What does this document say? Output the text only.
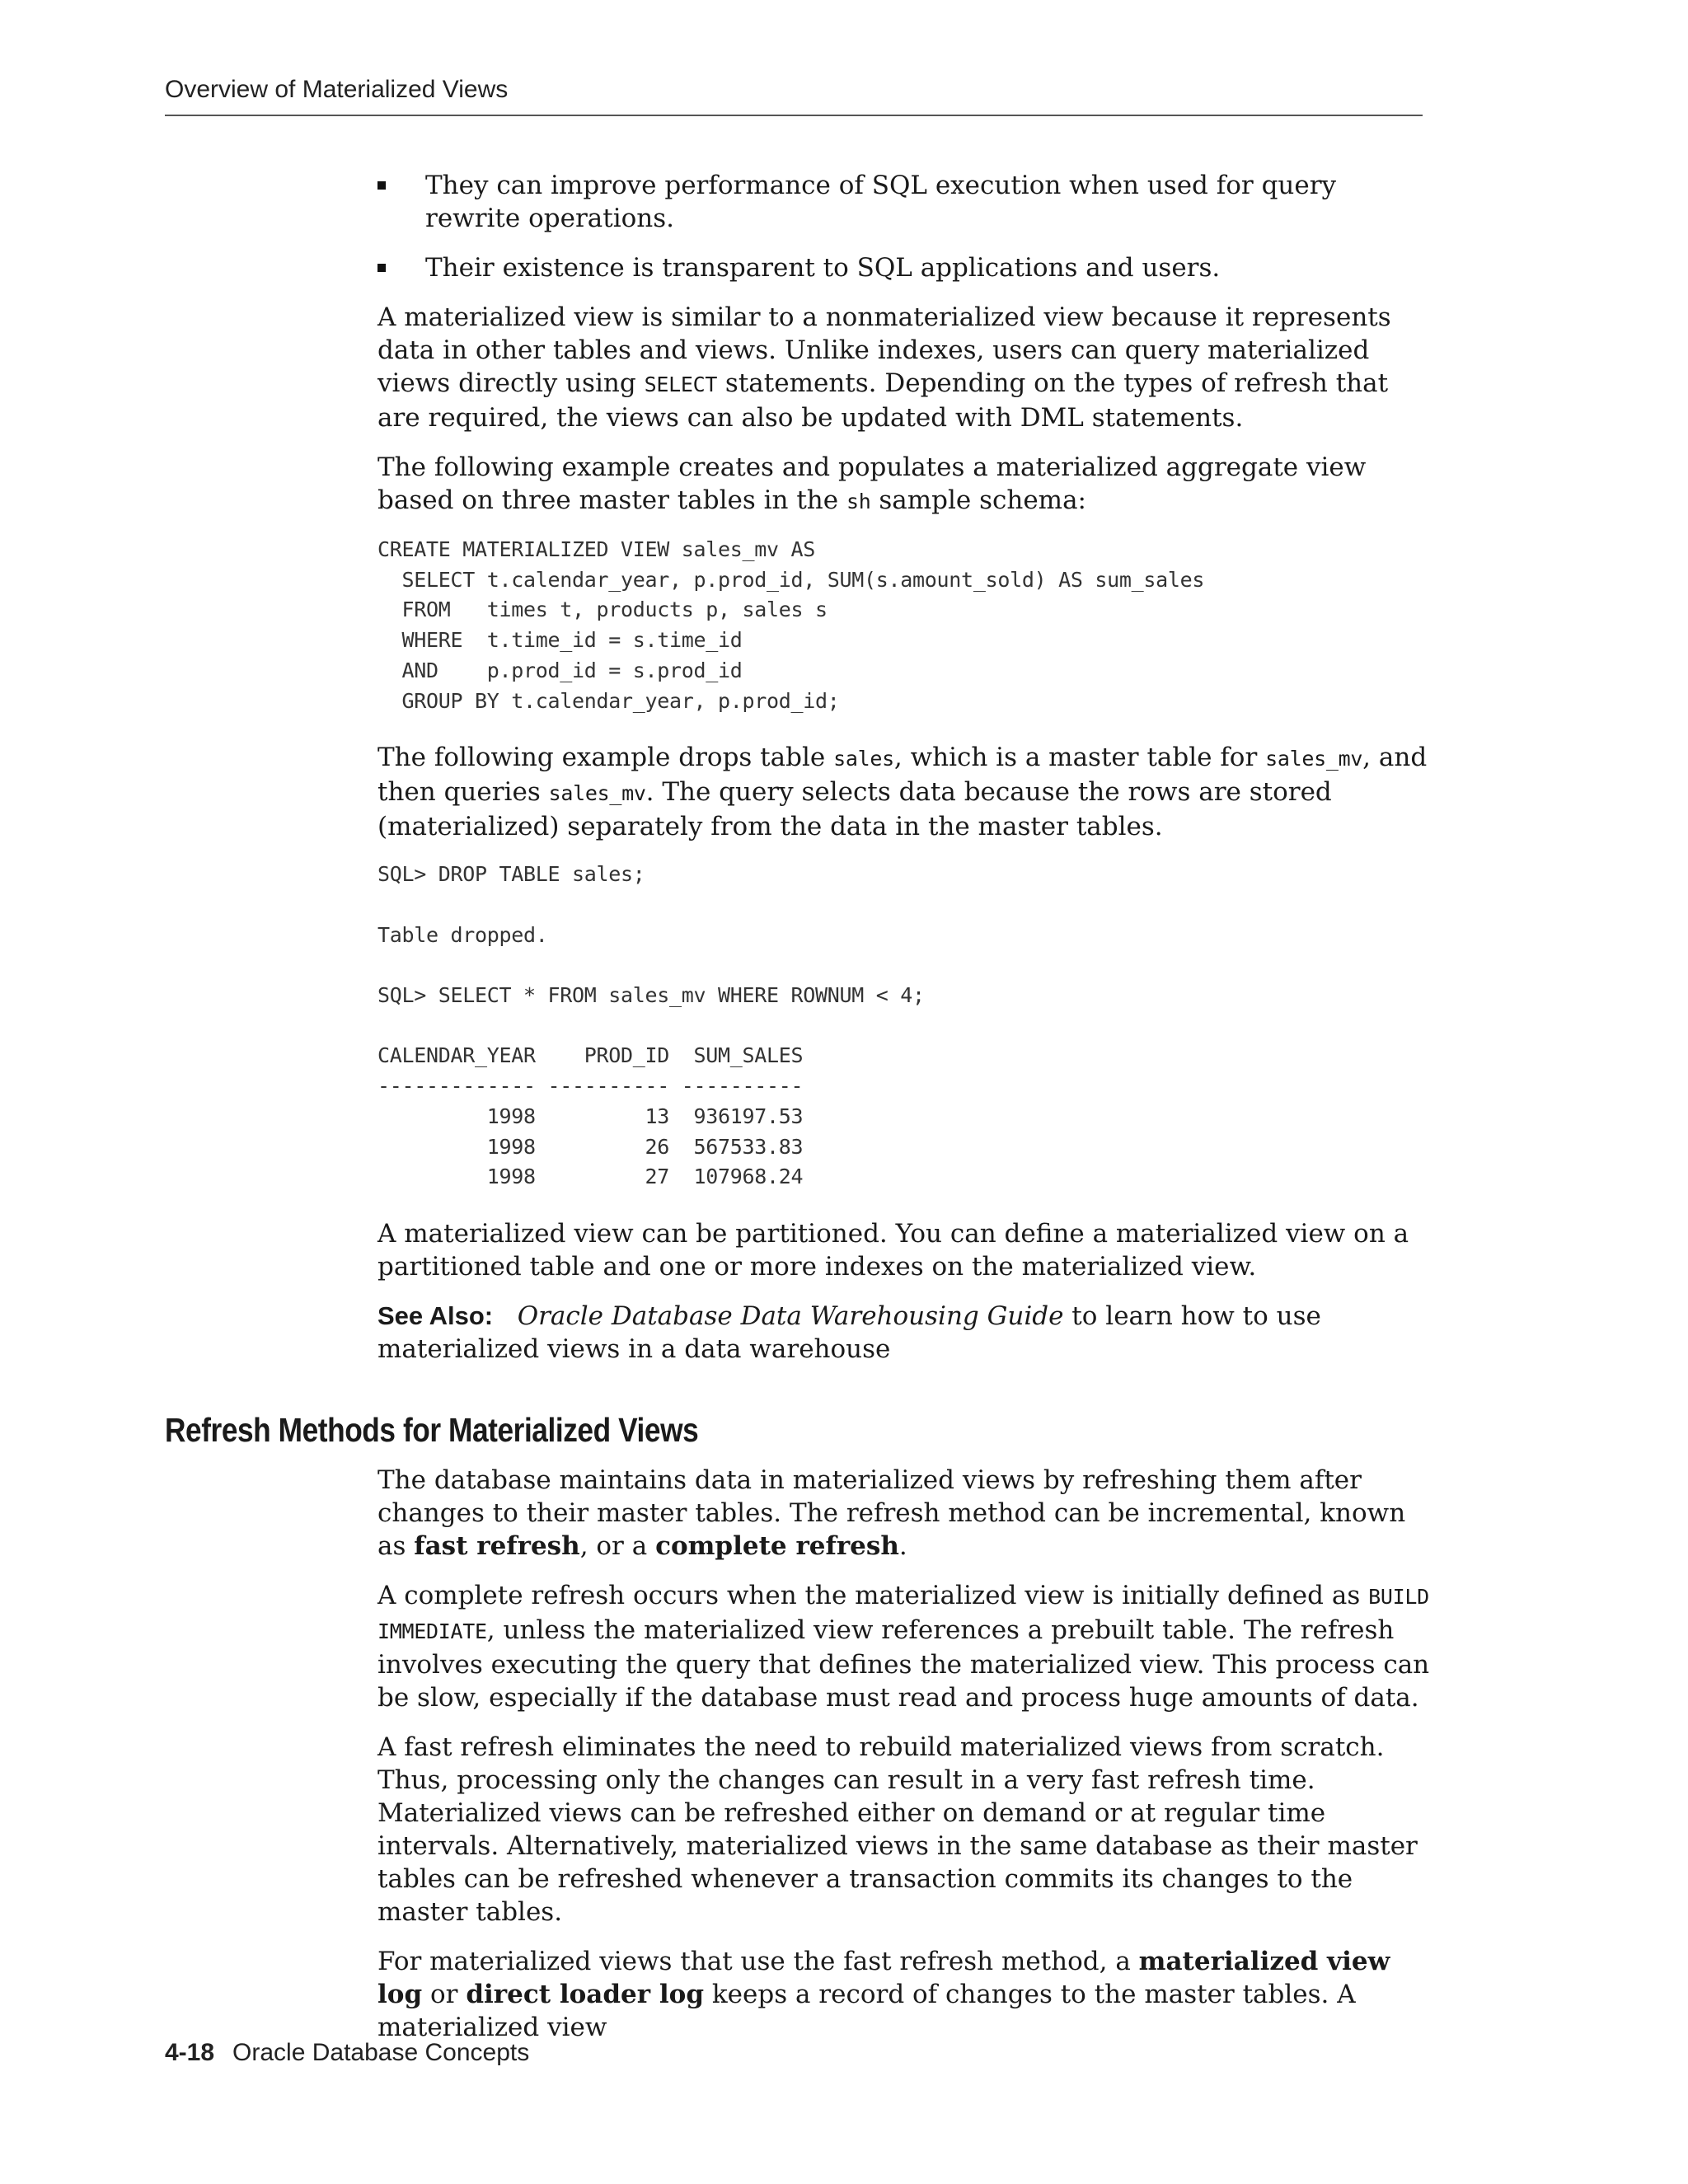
Overview of Materialized Views
They can improve performance of SQL execution when used for query rewrite operations.
Their existence is transparent to SQL applications and users.

A materialized view is similar to a nonmaterialized view because it represents data in other tables and views. Unlike indexes, users can query materialized views directly using SELECT statements. Depending on the types of refresh that are required, the views can also be updated with DML statements.

The following example creates and populates a materialized aggregate view based on three master tables in the sh sample schema:

CREATE MATERIALIZED VIEW sales_mv AS
SELECT t.calendar_year, p.prod_id, SUM(s.amount_sold) AS sum_sales
FROM   times t, products p, sales s
WHERE  t.time_id = s.time_id
AND    p.prod_id = s.prod_id
GROUP BY t.calendar_year, p.prod_id;

The following example drops table sales, which is a master table for sales_mv, and then queries sales_mv. The query selects data because the rows are stored (materialized) separately from the data in the master tables.

SQL> DROP TABLE sales;

Table dropped.

SQL> SELECT * FROM sales_mv WHERE ROWNUM < 4;

CALENDAR_YEAR    PROD_ID  SUM_SALES
------------- ---------- ----------
1998         13  936197.53
1998         26  567533.83
1998         27  107968.24

A materialized view can be partitioned. You can define a materialized view on a partitioned table and one or more indexes on the materialized view.

See Also: Oracle Database Data Warehousing Guide to learn how to use materialized views in a data warehouse

Refresh Methods for Materialized Views

The database maintains data in materialized views by refreshing them after changes to their master tables. The refresh method can be incremental, known as fast refresh, or a complete refresh.

A complete refresh occurs when the materialized view is initially defined as BUILD IMMEDIATE, unless the materialized view references a prebuilt table. The refresh involves executing the query that defines the materialized view. This process can be slow, especially if the database must read and process huge amounts of data.

A fast refresh eliminates the need to rebuild materialized views from scratch. Thus, processing only the changes can result in a very fast refresh time. Materialized views can be refreshed either on demand or at regular time intervals. Alternatively, materialized views in the same database as their master tables can be refreshed whenever a transaction commits its changes to the master tables.

For materialized views that use the fast refresh method, a materialized view log or direct loader log keeps a record of changes to the master tables. A materialized view

4-18 Oracle Database Concepts
